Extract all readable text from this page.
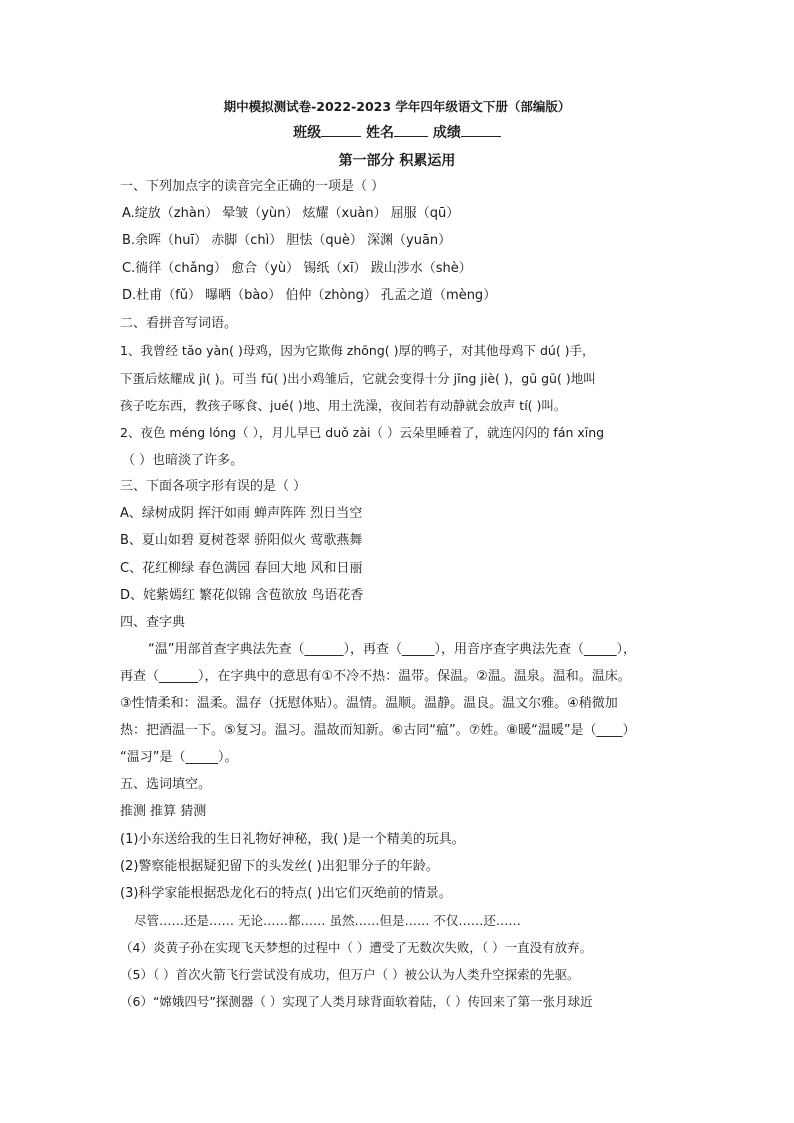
期中模拟测试卷-2022-2023 学年四年级语文下册（部编版）
班级	姓名	成绩
第一部分 积累运用
一、下列加点字的读音完全正确的一项是（ ）
A.绽放（zhàn） 晕皱（yùn） 炫耀（xuàn） 屈服（qū）
B.余晖（huī） 赤脚（chì） 胆怯（què） 深渊（yuān）
C.徜徉（chǎng） 愈合（yù） 锡纸（xī） 跋山涉水（shè）
D.杜甫（fǔ） 曝晒（bào） 伯仲（zhòng） 孔孟之道（mèng）
二、看拼音写词语。
1、我曾经 tǎo yàn( )母鸡，因为它欺侮 zhōng( )厚的鸭子，对其他母鸡下 dú( )手，
下蛋后炫耀成 jì( )。可当 fū( )出小鸡雏后，它就会变得十分 jǐng jiè( )，gū gū( )地叫
孩子吃东西，教孩子啄食、jué( )地、用土洗澡，夜间若有动静就会放声 tí( )叫。
2、夜色 méng lóng（ ），月儿早已 duǒ zài（ ）云朵里睡着了，就连闪闪的 fán xīng
（ ）也暗淡了许多。
三、下面各项字形有误的是（ ）
A、绿树成阴 挥汗如雨 蝉声阵阵 烈日当空
B、夏山如碧 夏树苍翠 骄阳似火 莺歌燕舞
C、花红柳绿 春色满园 春回大地 风和日丽
D、姹紫嫣红 繁花似锦 含苞欲放 鸟语花香
四、查字典
“温”用部首查字典法先查（______），再查（_____），用音序查字典法先查（_____），
再查（______），在字典中的意思有①不冷不热：温带。保温。②温。温泉。温和。温床。
③性情柔和：温柔。温存（抚慰体贴）。温情。温顺。温静。温良。温文尔雅。④稍微加
热：把酒温一下。⑤复习。温习。温故而知新。⑥古同“瘟”。⑦姓。⑧暖“温暖”是（____）
“温习”是（_____）。
五、选词填空。
推测 推算 猜测
(1)小东送给我的生日礼物好神秘，我( )是一个精美的玩具。
(2)警察能根据疑犯留下的头发丝( )出犯罪分子的年龄。
(3)科学家能根据恐龙化石的特点( )出它们灭绝前的情景。
尽管……还是…… 无论……都…… 虽然……但是…… 不仅……还……
（4）炎黄子孙在实现飞天梦想的过程中（ ）遭受了无数次失败，（ ）一直没有放弃。
（5）（ ）首次火箭飞行尝试没有成功，但万户（ ）被公认为人类升空探索的先驱。
（6）“嫦娥四号”探测器（ ）实现了人类月球背面软着陆，（ ）传回来了第一张月球近
